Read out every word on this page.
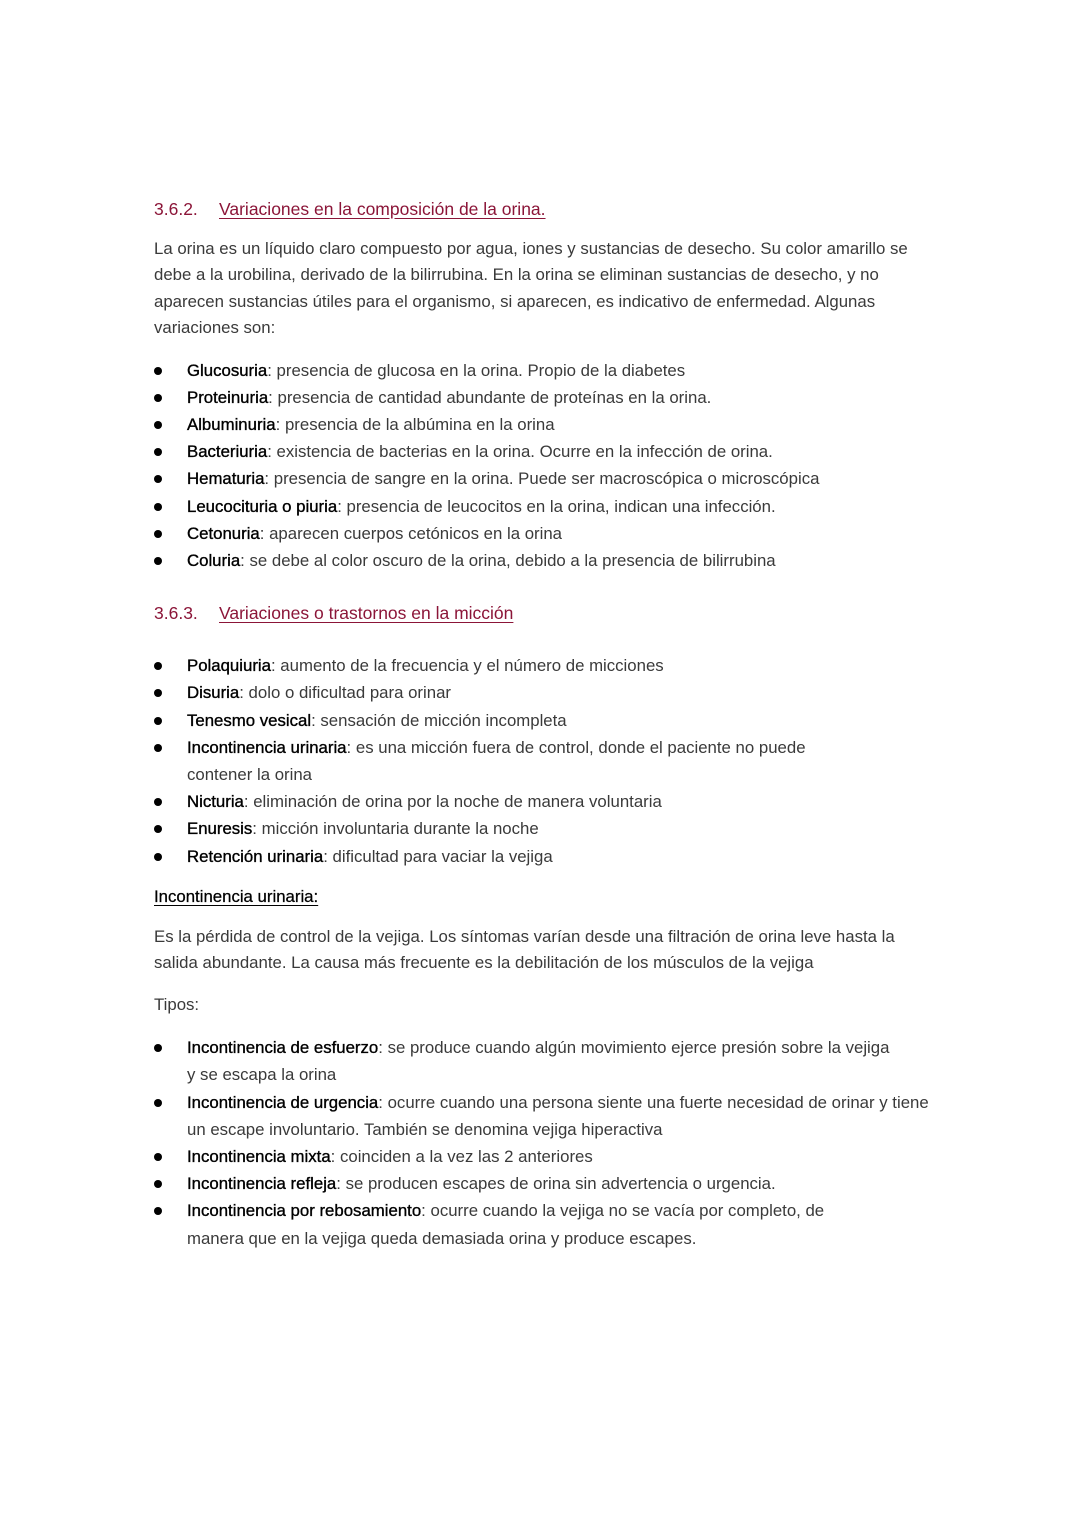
3.6.2. Variaciones en la composición de la orina.

La orina es un líquido claro compuesto por agua, iones y sustancias de desecho. Su color amarillo se debe a la urobilina, derivado de la bilirrubina. En la orina se eliminan sustancias de desecho, y no aparecen sustancias útiles para el organismo, si aparecen, es indicativo de enfermedad. Algunas variaciones son:

Glucosuria: presencia de glucosa en la orina. Propio de la diabetes
Proteinuria: presencia de cantidad abundante de proteínas en la orina.
Albuminuria: presencia de la albúmina en la orina
Bacteriuria: existencia de bacterias en la orina. Ocurre en la infección de orina.
Hematuria: presencia de sangre en la orina. Puede ser macroscópica o microscópica
Leucocituria o piuria: presencia de leucocitos en la orina, indican una infección.
Cetonuria: aparecen cuerpos cetónicos en la orina
Coluria: se debe al color oscuro de la orina, debido a la presencia de bilirrubina
3.6.3. Variaciones o trastornos en la micción
Polaquiuria: aumento de la frecuencia y el número de micciones
Disuria: dolo o dificultad para orinar
Tenesmo vesical: sensación de micción incompleta
Incontinencia urinaria: es una micción fuera de control, donde el paciente no puede contener la orina
Nicturia: eliminación de orina por la noche de manera voluntaria
Enuresis: micción involuntaria durante la noche
Retención urinaria: dificultad para vaciar la vejiga
Incontinencia urinaria:

Es la pérdida de control de la vejiga. Los síntomas varían desde una filtración de orina leve hasta la salida abundante. La causa más frecuente es la debilitación de los músculos de la vejiga

Tipos:

Incontinencia de esfuerzo: se produce cuando algún movimiento ejerce presión sobre la vejiga y se escapa la orina
Incontinencia de urgencia: ocurre cuando una persona siente una fuerte necesidad de orinar y tiene un escape involuntario. También se denomina vejiga hiperactiva
Incontinencia mixta: coinciden a la vez las 2 anteriores
Incontinencia refleja: se producen escapes de orina sin advertencia o urgencia.
Incontinencia por rebosamiento: ocurre cuando la vejiga no se vacía por completo, de manera que en la vejiga queda demasiada orina y produce escapes.
